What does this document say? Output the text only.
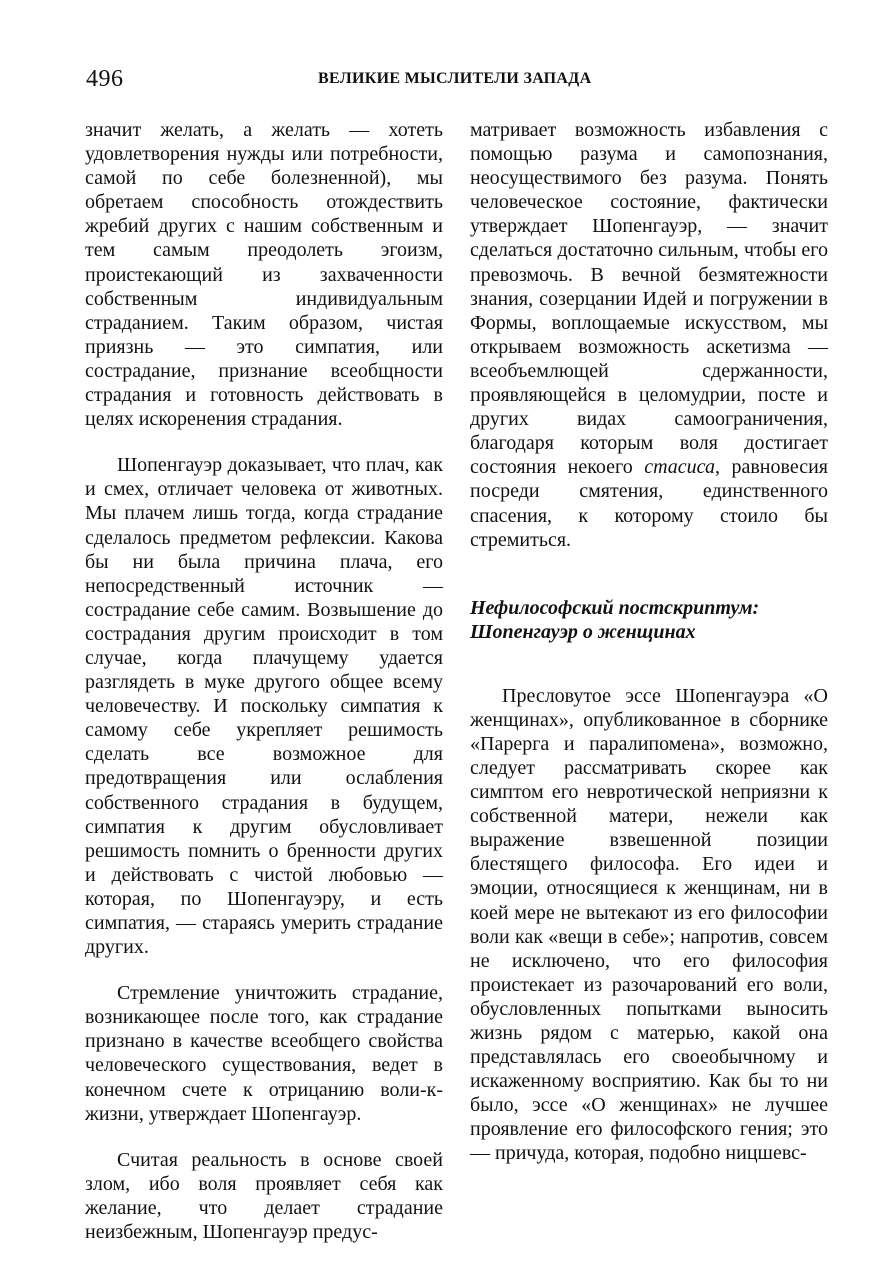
496	ВЕЛИКИЕ МЫСЛИТЕЛИ ЗАПАДА

значит желать, а желать — хотеть удовлетворения нужды или потребности, самой по себе болезненной), мы обретаем способность отождествить жребий других с нашим собственным и тем самым преодолеть эгоизм, проистекающий из захваченности собственным индивидуальным страданием. Таким образом, чистая приязнь — это симпатия, или сострадание, признание всеобщности страдания и готовность действовать в целях искоренения страдания.

Шопенгауэр доказывает, что плач, как и смех, отличает человека от животных. Мы плачем лишь тогда, когда страдание сделалось предметом рефлексии. Какова бы ни была причина плача, его непосредственный источник — сострадание себе самим. Возвышение до сострадания другим происходит в том случае, когда плачущему удается разглядеть в муке другого общее всему человечеству. И поскольку симпатия к самому себе укрепляет решимость сделать все возможное для предотвращения или ослабления собственного страдания в будущем, симпатия к другим обусловливает решимость помнить о бренности других и действовать с чистой любовью — которая, по Шопенгауэру, и есть симпатия, — стараясь умерить страдание других.

Стремление уничтожить страдание, возникающее после того, как страдание признано в качестве всеобщего свойства человеческого существования, ведет в конечном счете к отрицанию воли-к-жизни, утверждает Шопенгауэр.

Считая реальность в основе своей злом, ибо воля проявляет себя как желание, что делает страдание неизбежным, Шопенгауэр предус-

матривает возможность избавления с помощью разума и самопознания, неосуществимого без разума. Понять человеческое состояние, фактически утверждает Шопенгауэр, — значит сделаться достаточно сильным, чтобы его превозмочь. В вечной безмятежности знания, созерцании Идей и погружении в Формы, воплощаемые искусством, мы открываем возможность аскетизма — всеобъемлющей сдержанности, проявляющейся в целомудрии, посте и других видах самоограничения, благодаря которым воля достигает состояния некоего стасиса, равновесия посреди смятения, единственного спасения, к которому стоило бы стремиться.

Нефилософский постскриптум:
Шопенгауэр о женщинах

Пресловутое эссе Шопенгауэра «О женщинах», опубликованное в сборнике «Парерга и паралипомена», возможно, следует рассматривать скорее как симптом его невротической неприязни к собственной матери, нежели как выражение взвешенной позиции блестящего философа. Его идеи и эмоции, относящиеся к женщинам, ни в коей мере не вытекают из его философии воли как «вещи в себе»; напротив, совсем не исключено, что его философия проистекает из разочарований его воли, обусловленных попытками выносить жизнь рядом с матерью, какой она представлялась его своеобычному и искаженному восприятию. Как бы то ни было, эссе «О женщинах» не лучшее проявление его философского гения; это — причуда, которая, подобно ницшевс-
